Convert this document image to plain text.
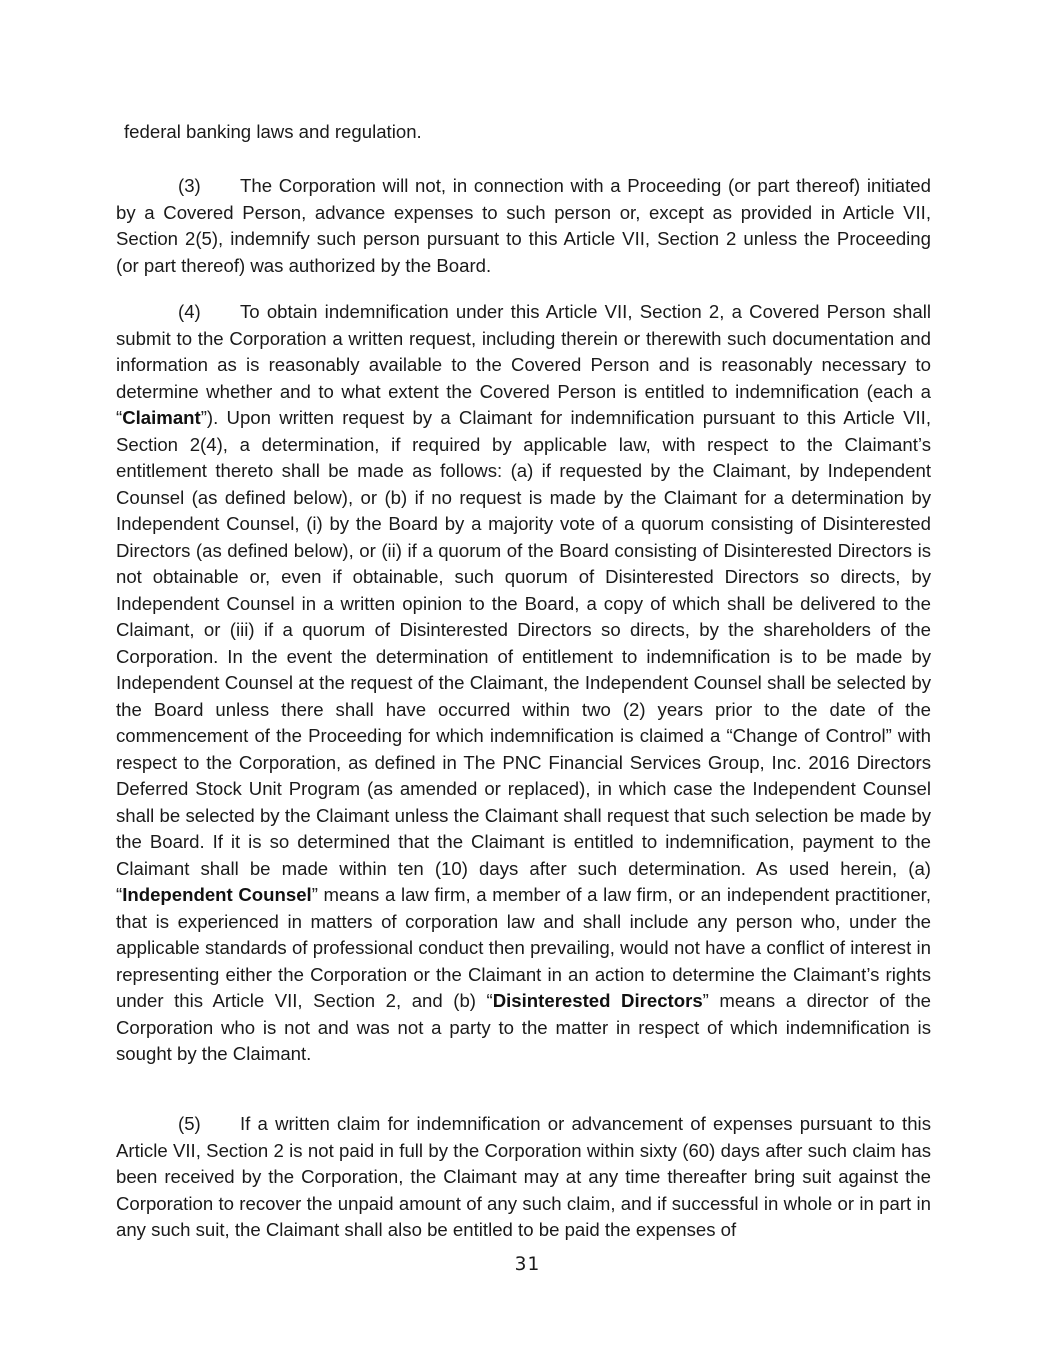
federal banking laws and regulation.

(3) The Corporation will not, in connection with a Proceeding (or part thereof) initiated by a Covered Person, advance expenses to such person or, except as provided in Article VII, Section 2(5), indemnify such person pursuant to this Article VII, Section 2 unless the Proceeding (or part thereof) was authorized by the Board.

(4) To obtain indemnification under this Article VII, Section 2, a Covered Person shall submit to the Corporation a written request, including therein or therewith such documentation and information as is reasonably available to the Covered Person and is reasonably necessary to determine whether and to what extent the Covered Person is entitled to indemnification (each a “Claimant”). Upon written request by a Claimant for indemnification pursuant to this Article VII, Section 2(4), a determination, if required by applicable law, with respect to the Claimant’s entitlement thereto shall be made as follows: (a) if requested by the Claimant, by Independent Counsel (as defined below), or (b) if no request is made by the Claimant for a determination by Independent Counsel, (i) by the Board by a majority vote of a quorum consisting of Disinterested Directors (as defined below), or (ii) if a quorum of the Board consisting of Disinterested Directors is not obtainable or, even if obtainable, such quorum of Disinterested Directors so directs, by Independent Counsel in a written opinion to the Board, a copy of which shall be delivered to the Claimant, or (iii) if a quorum of Disinterested Directors so directs, by the shareholders of the Corporation. In the event the determination of entitlement to indemnification is to be made by Independent Counsel at the request of the Claimant, the Independent Counsel shall be selected by the Board unless there shall have occurred within two (2) years prior to the date of the commencement of the Proceeding for which indemnification is claimed a “Change of Control” with respect to the Corporation, as defined in The PNC Financial Services Group, Inc. 2016 Directors Deferred Stock Unit Program (as amended or replaced), in which case the Independent Counsel shall be selected by the Claimant unless the Claimant shall request that such selection be made by the Board. If it is so determined that the Claimant is entitled to indemnification, payment to the Claimant shall be made within ten (10) days after such determination. As used herein, (a) “Independent Counsel” means a law firm, a member of a law firm, or an independent practitioner, that is experienced in matters of corporation law and shall include any person who, under the applicable standards of professional conduct then prevailing, would not have a conflict of interest in representing either the Corporation or the Claimant in an action to determine the Claimant’s rights under this Article VII, Section 2, and (b) “Disinterested Directors” means a director of the Corporation who is not and was not a party to the matter in respect of which indemnification is sought by the Claimant.

(5) If a written claim for indemnification or advancement of expenses pursuant to this Article VII, Section 2 is not paid in full by the Corporation within sixty (60) days after such claim has been received by the Corporation, the Claimant may at any time thereafter bring suit against the Corporation to recover the unpaid amount of any such claim, and if successful in whole or in part in any such suit, the Claimant shall also be entitled to be paid the expenses of

31
